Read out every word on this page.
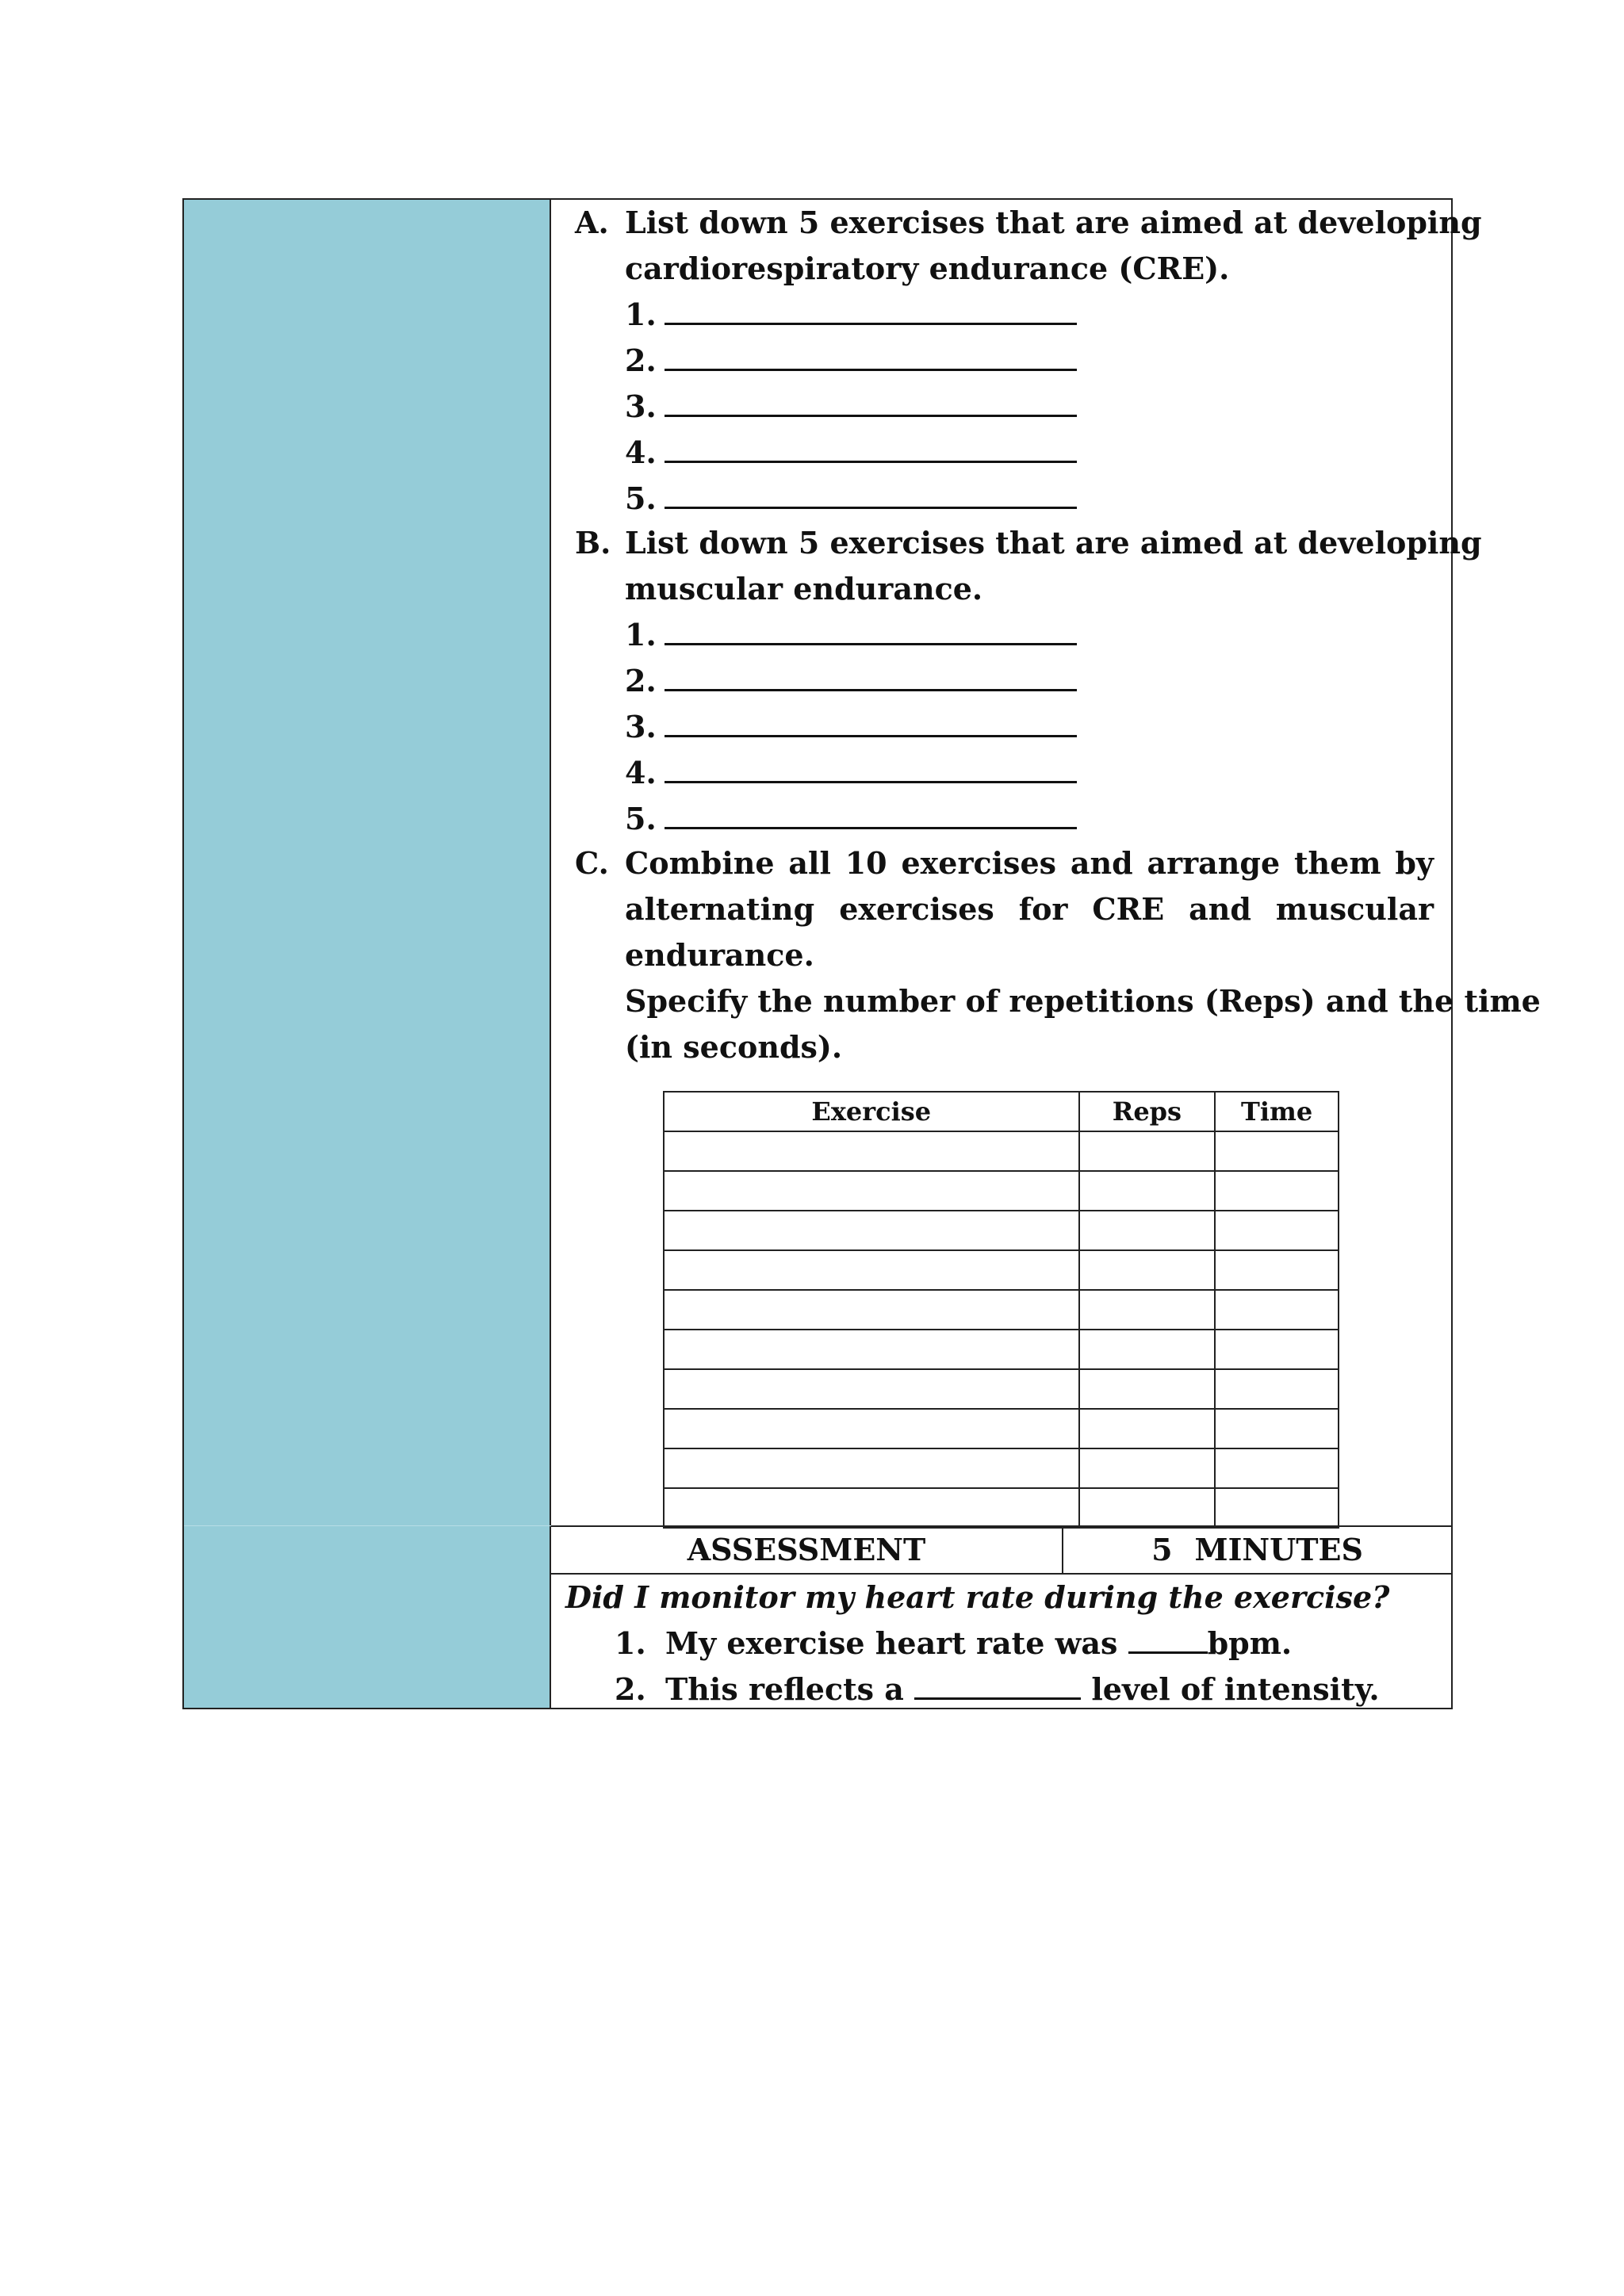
A. List down 5 exercises that are aimed at developing
cardiorespiratory endurance (CRE).
1.
2.
3.
4.
5.
B. List down 5 exercises that are aimed at developing
muscular endurance.
1.
2.
3.
4.
5.
C. Combine all 10 exercises and arrange them by
alternating exercises for CRE and muscular
endurance.
Specify the number of repetitions (Reps) and the time
(in seconds).
Exercise	Reps	Time

ASSESSMENT	5 MINUTES
Did I monitor my heart rate during the exercise?
1. My exercise heart rate was	bpm.
2. This reflects a	level of intensity.
